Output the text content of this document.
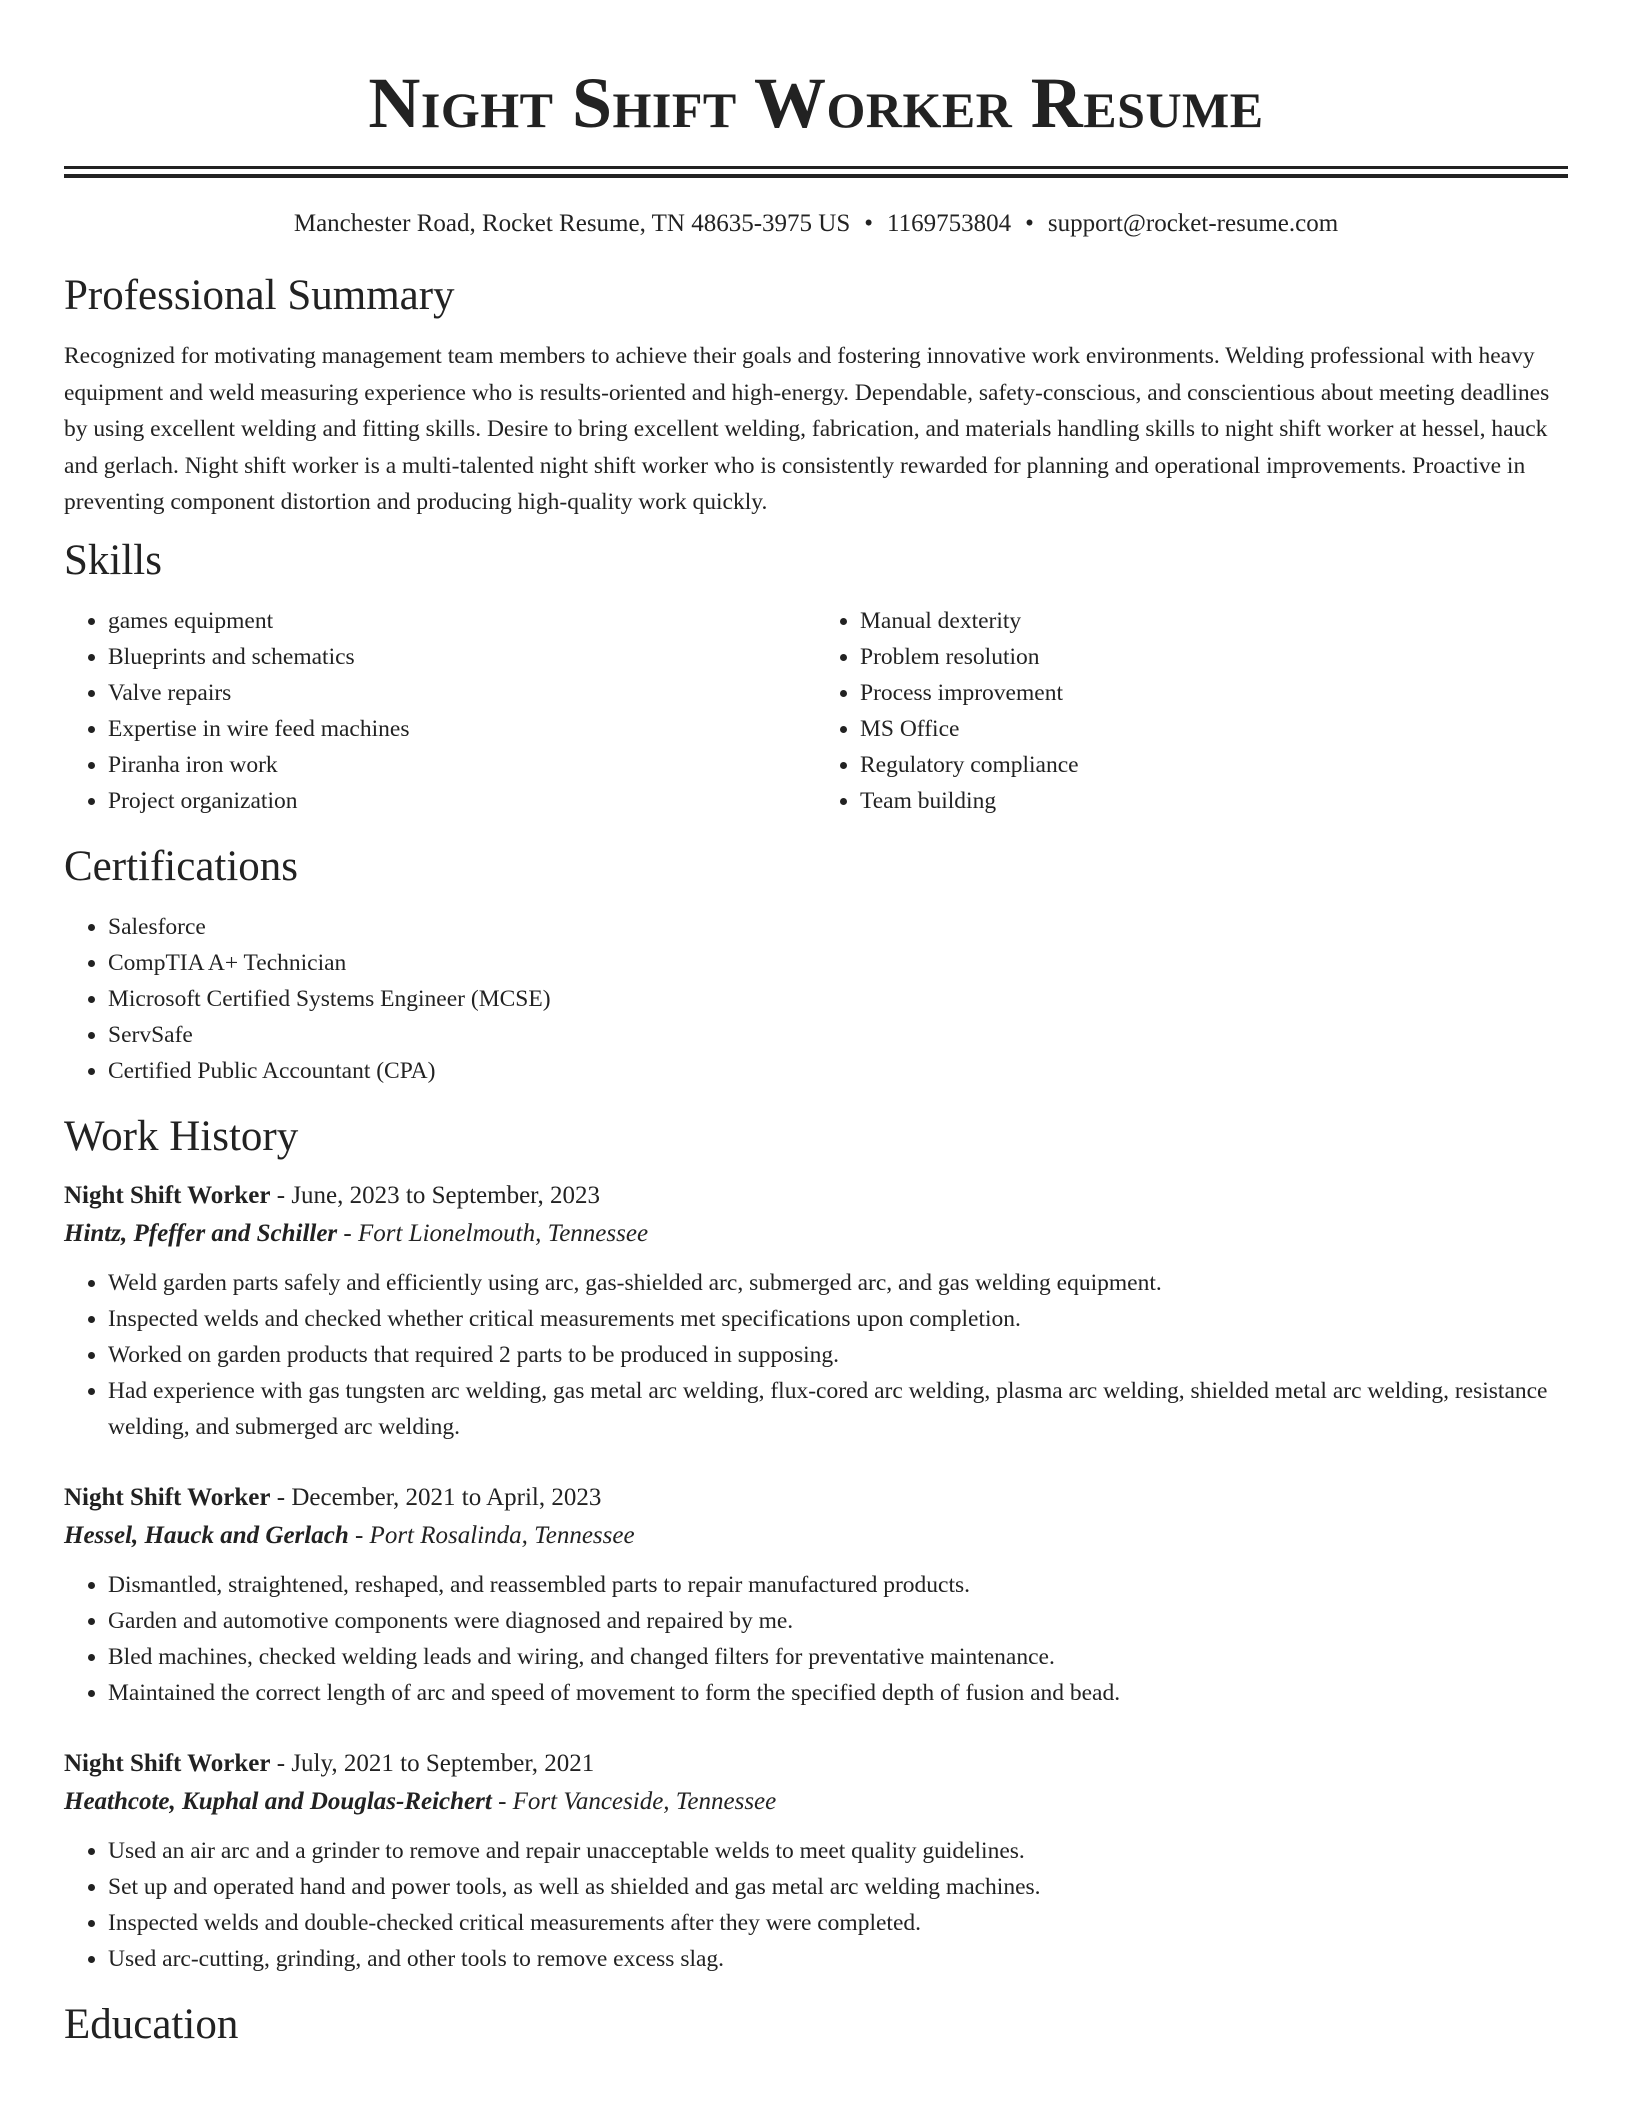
Night Shift Worker Resume
Manchester Road, Rocket Resume, TN 48635-3975 US • 1169753804 • support@rocket-resume.com
Professional Summary

Recognized for motivating management team members to achieve their goals and fostering innovative work environments. Welding professional with heavy equipment and weld measuring experience who is results-oriented and high-energy. Dependable, safety-conscious, and conscientious about meeting deadlines by using excellent welding and fitting skills. Desire to bring excellent welding, fabrication, and materials handling skills to night shift worker at hessel, hauck and gerlach. Night shift worker is a multi-talented night shift worker who is consistently rewarded for planning and operational improvements. Proactive in preventing component distortion and producing high-quality work quickly.

Skills
• games equipment
• Blueprints and schematics
• Valve repairs
• Expertise in wire feed machines
• Piranha iron work
• Project organization
• Manual dexterity
• Problem resolution
• Process improvement
• MS Office
• Regulatory compliance
• Team building
Certifications
• Salesforce
• CompTIA A+ Technician
• Microsoft Certified Systems Engineer (MCSE)
• ServSafe
• Certified Public Accountant (CPA)
Work History
Night Shift Worker - June, 2023 to September, 2023
Hintz, Pfeffer and Schiller - Fort Lionelmouth, Tennessee
• Weld garden parts safely and efficiently using arc, gas-shielded arc, submerged arc, and gas welding equipment.
• Inspected welds and checked whether critical measurements met specifications upon completion.
• Worked on garden products that required 2 parts to be produced in supposing.
• Had experience with gas tungsten arc welding, gas metal arc welding, flux-cored arc welding, plasma arc welding, shielded metal arc welding, resistance welding, and submerged arc welding.
Night Shift Worker - December, 2021 to April, 2023
Hessel, Hauck and Gerlach - Port Rosalinda, Tennessee
• Dismantled, straightened, reshaped, and reassembled parts to repair manufactured products.
• Garden and automotive components were diagnosed and repaired by me.
• Bled machines, checked welding leads and wiring, and changed filters for preventative maintenance.
• Maintained the correct length of arc and speed of movement to form the specified depth of fusion and bead.
Night Shift Worker - July, 2021 to September, 2021
Heathcote, Kuphal and Douglas-Reichert - Fort Vanceside, Tennessee
• Used an air arc and a grinder to remove and repair unacceptable welds to meet quality guidelines.
• Set up and operated hand and power tools, as well as shielded and gas metal arc welding machines.
• Inspected welds and double-checked critical measurements after they were completed.
• Used arc-cutting, grinding, and other tools to remove excess slag.
Education
